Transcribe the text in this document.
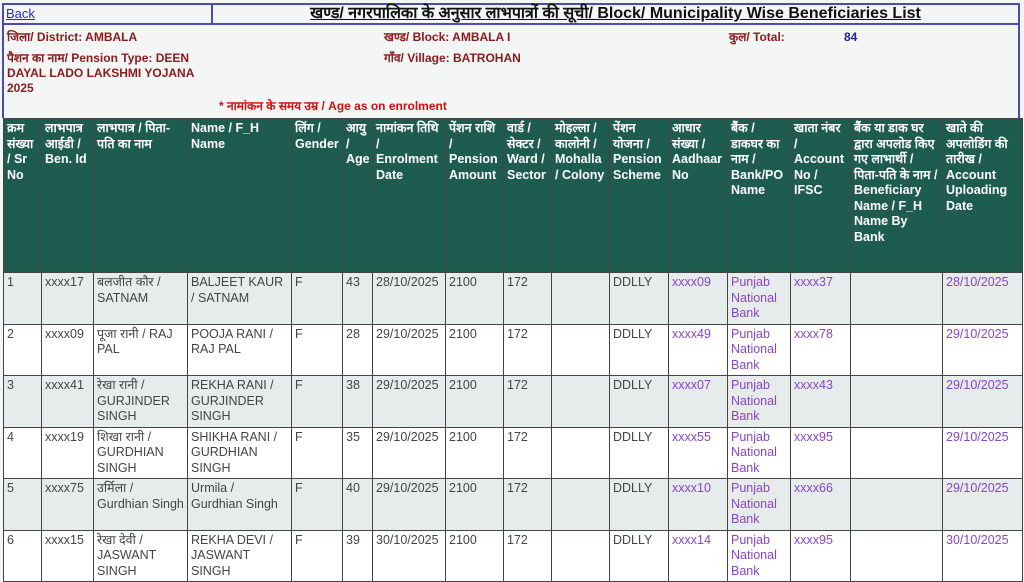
Back	खण्ड/ नगरपालिका के अनुसार लाभपात्रों की सूची/ Block/ Municipality Wise Beneficiaries List
जिला/ District: AMBALA	खण्ड/ Block: AMBALA I	कुल/ Total:	84
पैशन का नाम/ Pension Type: DEEN DAYAL LADO LAKSHMI YOJANA 2025
गाँव/ Village: BATROHAN
* नामांकन के समय उम्र / Age as on enrolment
क्रम संख्या / Sr No	लाभपात्र आईडी / Ben. Id	लाभपात्र / पिता-पति का नाम	Name / F_H Name	लिंग / Gender	आयु / Age	नामांकन तिथि / Enrolment Date	पेंशन राशि / Pension Amount	वार्ड / सेक्टर / Ward / Sector	मोहल्ला / कालोनी / Mohalla / Colony	पेंशन योजना / Pension Scheme	आधार संख्या / Aadhaar No	बैंक / डाकघर का नाम / Bank/PO Name	खाता नंबर / Account No / IFSC	बैंक या डाक घर द्वारा अपलोड किए गए लाभार्थी / पिता-पति के नाम / Beneficiary Name / F_H Name By Bank	खाते की अपलोडिंग की तारीख / Account Uploading Date
1	xxxx17	बलजीत कौर / SATNAM	BALJEET KAUR / SATNAM	F	43	28/10/2025	2100	172		DDLLY	xxxx09	Punjab National Bank	xxxx37		28/10/2025
2	xxxx09	पूजा रानी / RAJ PAL	POOJA RANI / RAJ PAL	F	28	29/10/2025	2100	172		DDLLY	xxxx49	Punjab National Bank	xxxx78		29/10/2025
3	xxxx41	रेखा रानी / GURJINDER SINGH	REKHA RANI / GURJINDER SINGH	F	38	29/10/2025	2100	172		DDLLY	xxxx07	Punjab National Bank	xxxx43		29/10/2025
4	xxxx19	शिखा रानी / GURDHIAN SINGH	SHIKHA RANI / GURDHIAN SINGH	F	35	29/10/2025	2100	172		DDLLY	xxxx55	Punjab National Bank	xxxx95		29/10/2025
5	xxxx75	उर्मिला / Gurdhian Singh	Urmila / Gurdhian Singh	F	40	29/10/2025	2100	172		DDLLY	xxxx10	Punjab National Bank	xxxx66		29/10/2025
6	xxxx15	रेखा देवी / JASWANT SINGH	REKHA DEVI / JASWANT SINGH	F	39	30/10/2025	2100	172		DDLLY	xxxx14	Punjab National Bank	xxxx95		30/10/2025
